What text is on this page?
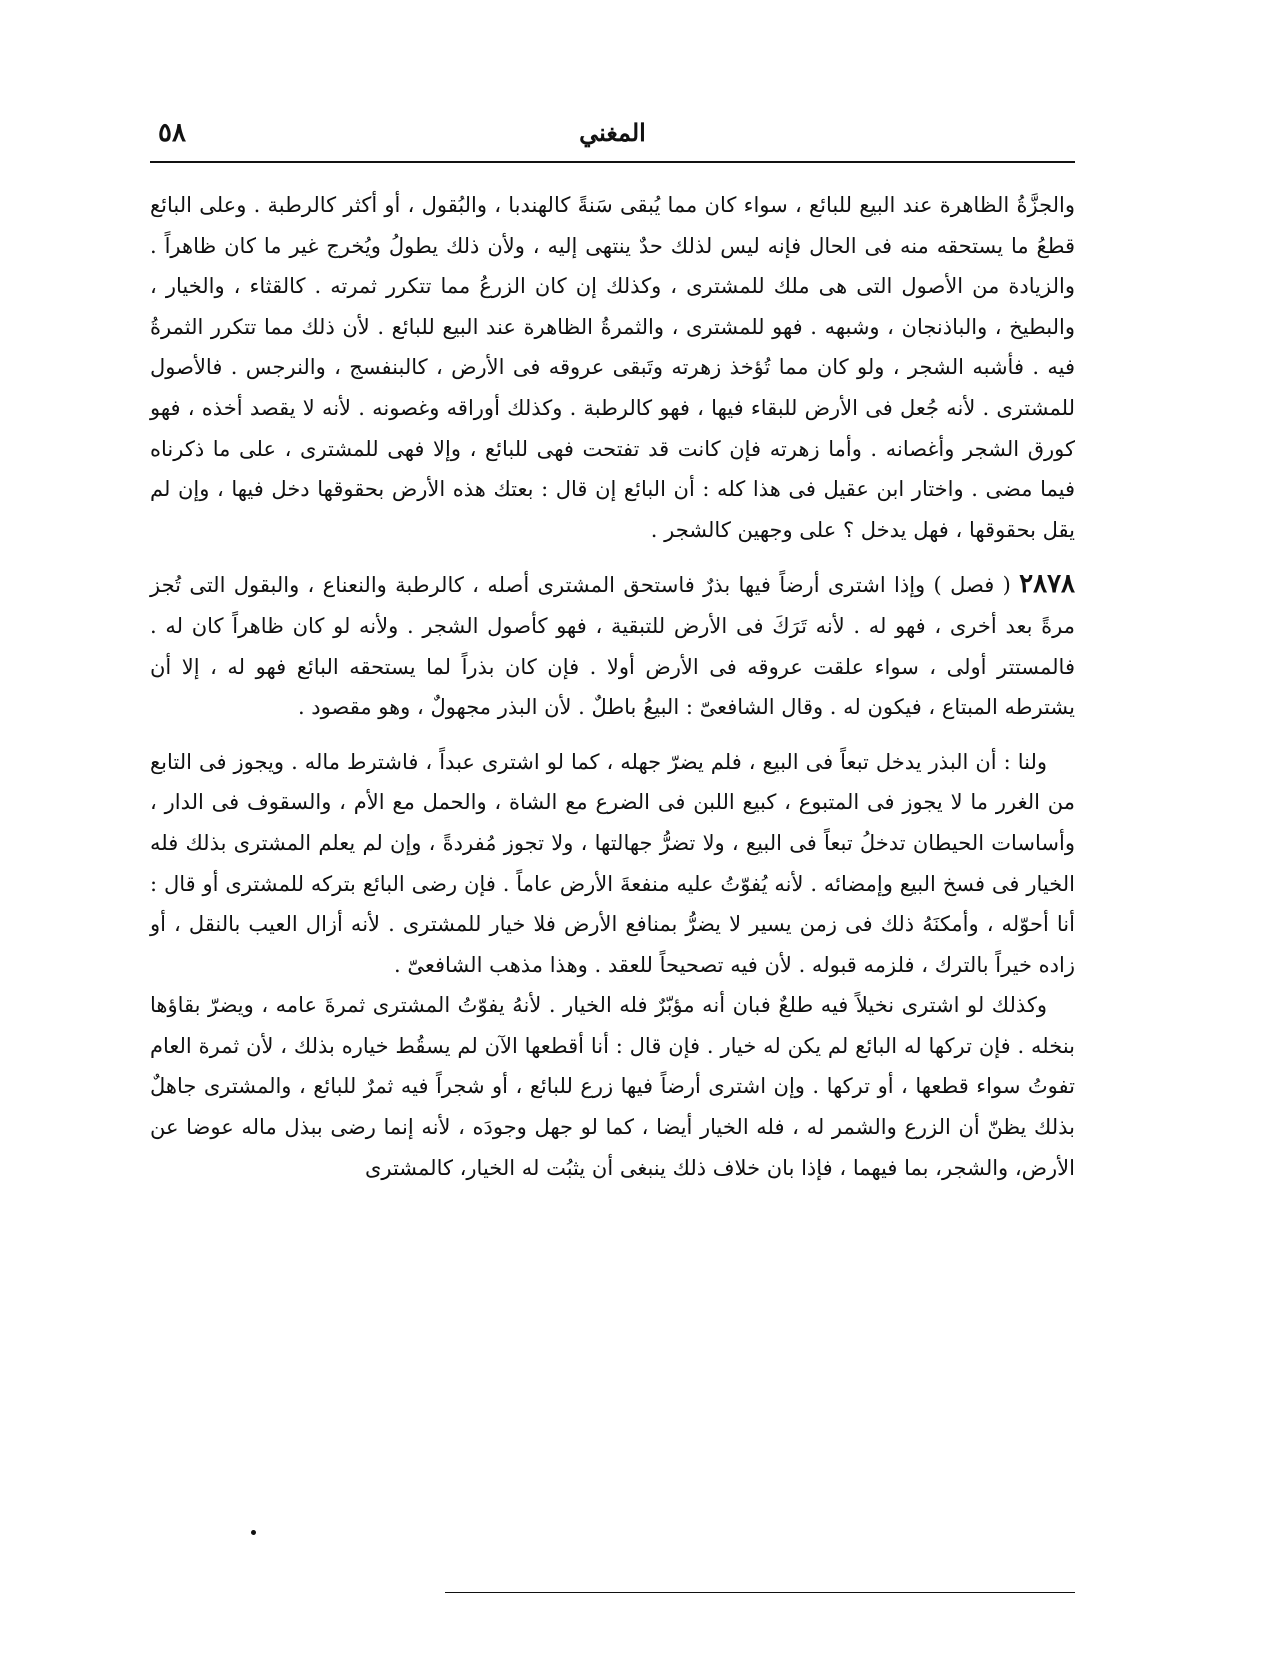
٥٨	المغني

والجزَّةُ الظاهرة عند البيع للبائع ، سواء كان مما يُبقى سَنةً كالهندبا ، والبُقول ، أو أكثر كالرطبة . وعلى البائع قطعُ ما يستحقه منه فى الحال فإنه ليس لذلك حدٌ ينتهى إليه ، ولأن ذلك يطولُ ويُخرج غير ما كان ظاهراً . والزيادة من الأصول التى هى ملك للمشترى ، وكذلك إن كان الزرعُ مما تتكرر ثمرته . كالقثاء ، والخيار ، والبطيخ ، والباذنجان ، وشبهه . فهو للمشترى ، والثمرةُ الظاهرة عند البيع للبائع . لأن ذلك مما تتكرر الثمرةُ فيه . فأشبه الشجر ، ولو كان مما تُؤخذ زهرته وتَبقى عروقه فى الأرض ، كالبنفسج ، والنرجس . فالأصول للمشترى . لأنه جُعل فى الأرض للبقاء فيها ، فهو كالرطبة . وكذلك أوراقه وغصونه . لأنه لا يقصد أخذه ، فهو كورق الشجر وأغصانه . وأما زهرته فإن كانت قد تفتحت فهى للبائع ، وإلا فهى للمشترى ، على ما ذكرناه فيما مضى . واختار ابن عقيل فى هذا كله : أن البائع إن قال : بعتك هذه الأرض بحقوقها دخل فيها ، وإن لم يقل بحقوقها ، فهل يدخل ؟ على وجهين كالشجر .

٢٨٧٨ ( فصل ) وإذا اشترى أرضاً فيها بذرٌ فاستحق المشترى أصله ، كالرطبة والنعناع ، والبقول التى تُجز مرةً بعد أخرى ، فهو له . لأنه تَرَكَ فى الأرض للتبقية ، فهو كأصول الشجر . ولأنه لو كان ظاهراً كان له . فالمستتر أولى ، سواء علقت عروقه فى الأرض أولا . فإن كان بذراً لما يستحقه البائع فهو له ، إلا أن يشترطه المبتاع ، فيكون له . وقال الشافعىّ : البيعُ باطلٌ . لأن البذر مجهولٌ ، وهو مقصود .

ولنا : أن البذر يدخل تبعاً فى البيع ، فلم يضرّ جهله ، كما لو اشترى عبداً ، فاشترط ماله . ويجوز فى التابع من الغرر ما لا يجوز فى المتبوع ، كبيع اللبن فى الضرع مع الشاة ، والحمل مع الأم ، والسقوف فى الدار ، وأساسات الحيطان تدخلُ تبعاً فى البيع ، ولا تضرُّ جهالتها ، ولا تجوز مُفردةً ، وإن لم يعلم المشترى بذلك فله الخيار فى فسخ البيع وإمضائه . لأنه يُفوّتُ عليه منفعةَ الأرض عاماً . فإن رضى البائع بتركه للمشترى أو قال : أنا أحوّله ، وأمكنَهُ ذلك فى زمن يسير لا يضرُّ بمنافع الأرض فلا خيار للمشترى . لأنه أزال العيب بالنقل ، أو زاده خيراً بالترك ، فلزمه قبوله . لأن فيه تصحيحاً للعقد . وهذا مذهب الشافعىّ .

وكذلك لو اشترى نخيلاً فيه طلعٌ فبان أنه مؤبّرٌ فله الخيار . لأنهُ يفوّتُ المشترى ثمرةَ عامه ، ويضرّ بقاؤها بنخله . فإن تركها له البائع لم يكن له خيار . فإن قال : أنا أقطعها الآن لم يسقُط خياره بذلك ، لأن ثمرة العام تفوتُ سواء قطعها ، أو تركها . وإن اشترى أرضاً فيها زرع للبائع ، أو شجراً فيه ثمرٌ للبائع ، والمشترى جاهلٌ بذلك يظنّ أن الزرع والشمر له ، فله الخيار أيضا ، كما لو جهل وجودَه ، لأنه إنما رضى ببذل ماله عوضا عن الأرض، والشجر، بما فيهما ، فإذا بان خلاف ذلك ينبغى أن يثبُت له الخيار، كالمشترى
